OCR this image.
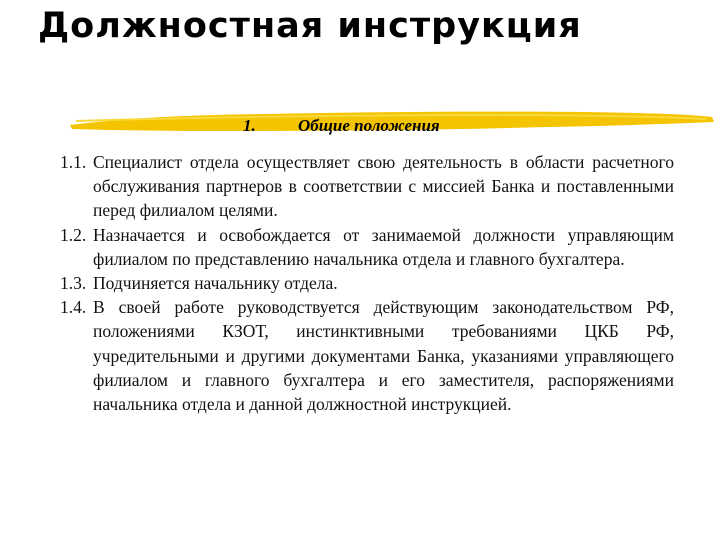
Должностная инструкция
1. Общие положения
1.1. Специалист отдела осуществляет свою деятельность в области расчетного обслуживания партнеров в соответствии с миссией Банка и поставленными перед филиалом целями.
1.2. Назначается и освобождается от занимаемой должности управляющим филиалом по представлению начальника отдела и главного бухгалтера.
1.3. Подчиняется начальнику отдела.
1.4. В своей работе руководствуется действующим законодательством РФ, положениями КЗОТ, инстинктивными требованиями ЦКБ РФ, учредительными и другими документами Банка, указаниями управляющего филиалом и главного бухгалтера и его заместителя, распоряжениями начальника отдела и данной должностной инструкцией.
